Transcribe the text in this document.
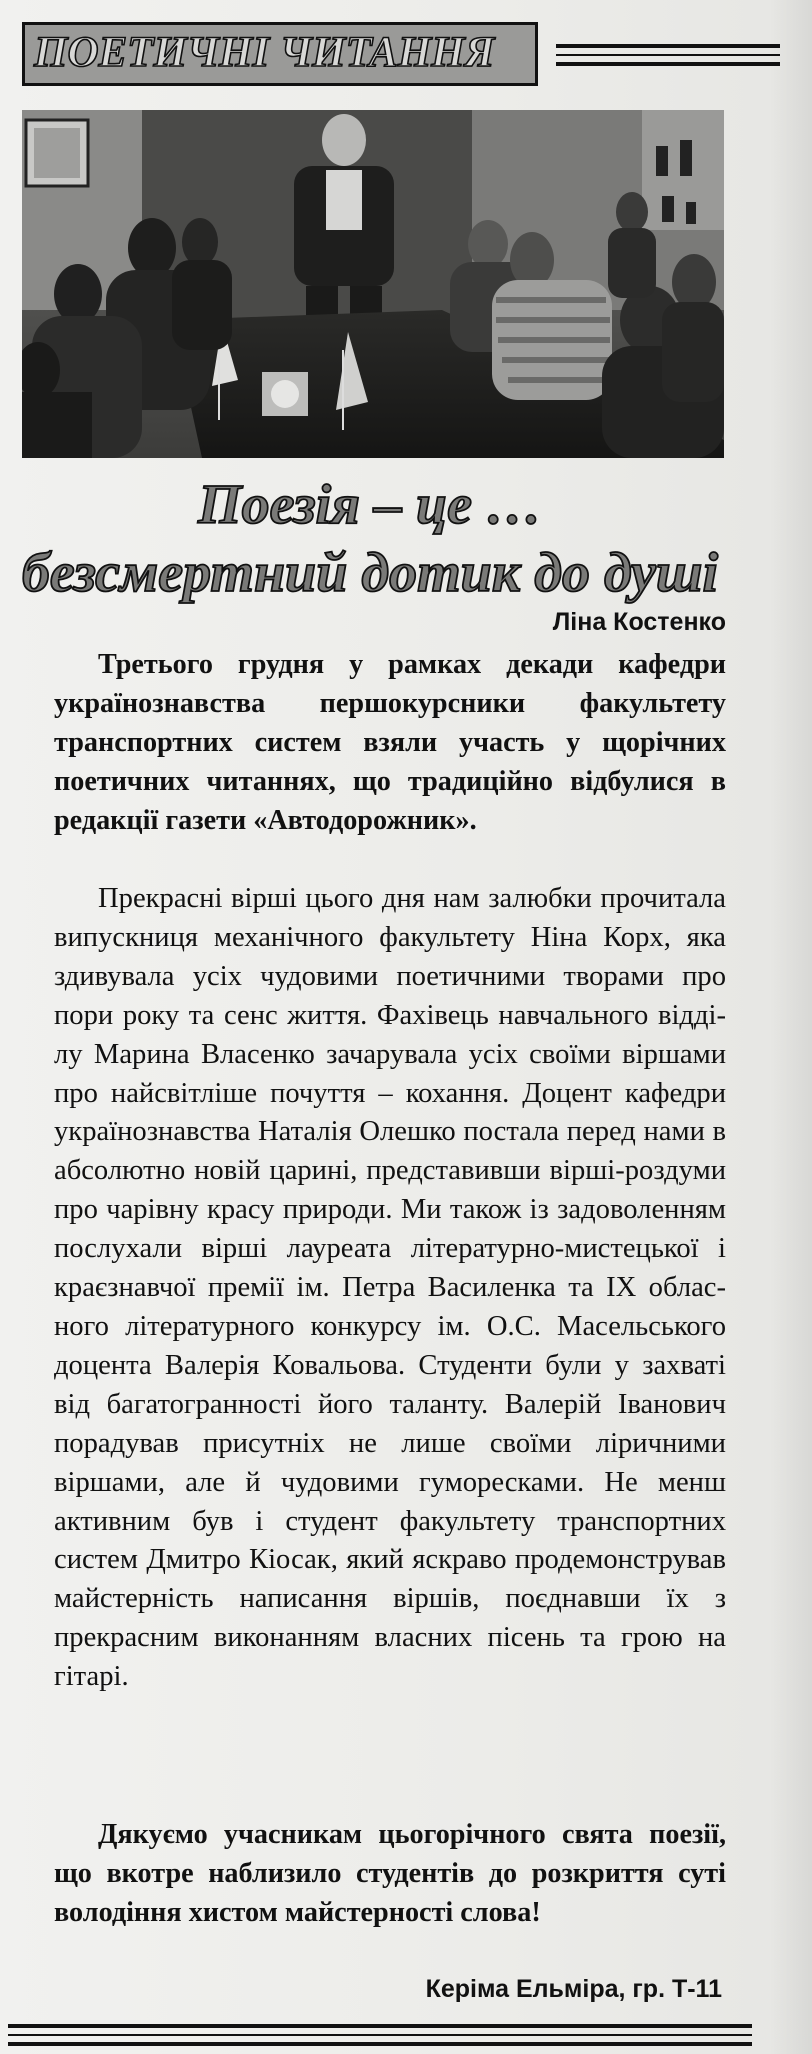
ПОЕТИЧНІ ЧИТАННЯ
Поезія – це …
безсмертний дотик до душі
Ліна Костенко

Третього грудня у рамках декади кафедри українознавства першокурсники факультету транспортних систем взяли участь у щорічних поетичних читаннях, що традиційно відбулися в редакції газети «Автодорожник».

Прекрасні вірші цього дня нам залюбки прочитала випускниця механічного факультету Ніна Корх, яка здивувала усіх чудовими поетичними творами про пори року та сенс життя. Фахівець навчального відділу Марина Власенко зачарувала усіх своїми віршами про найсвітліше почуття – кохання. Доцент кафедри українознавства Наталія Олешко постала перед нами в абсолютно новій царині, представивши вірші-роздуми про чарівну красу природи. Ми також із задоволенням послухали вірші лауреата літературно-мистецької і краєзнавчої премії ім. Петра Василенка та IX обласного літературного конкурсу ім. О.С. Масельського доцента Валерія Ковальова. Студенти були у захваті від багатогранності його таланту. Валерій Іванович порадував присутніх не лише своїми ліричними віршами, але й чудовими гуморесками. Не менш активним був і студент факультету транспортних систем Дмитро Кіосак, який яскраво продемонстрував майстерність написання віршів, поєднавши їх з прекрасним виконанням власних пісень та грою на гітарі.

Дякуємо учасникам цьогорічного свята поезії, що вкотре наблизило студентів до розкриття суті володіння хистом майстерності слова!

Керіма Ельміра, гр. Т-11
